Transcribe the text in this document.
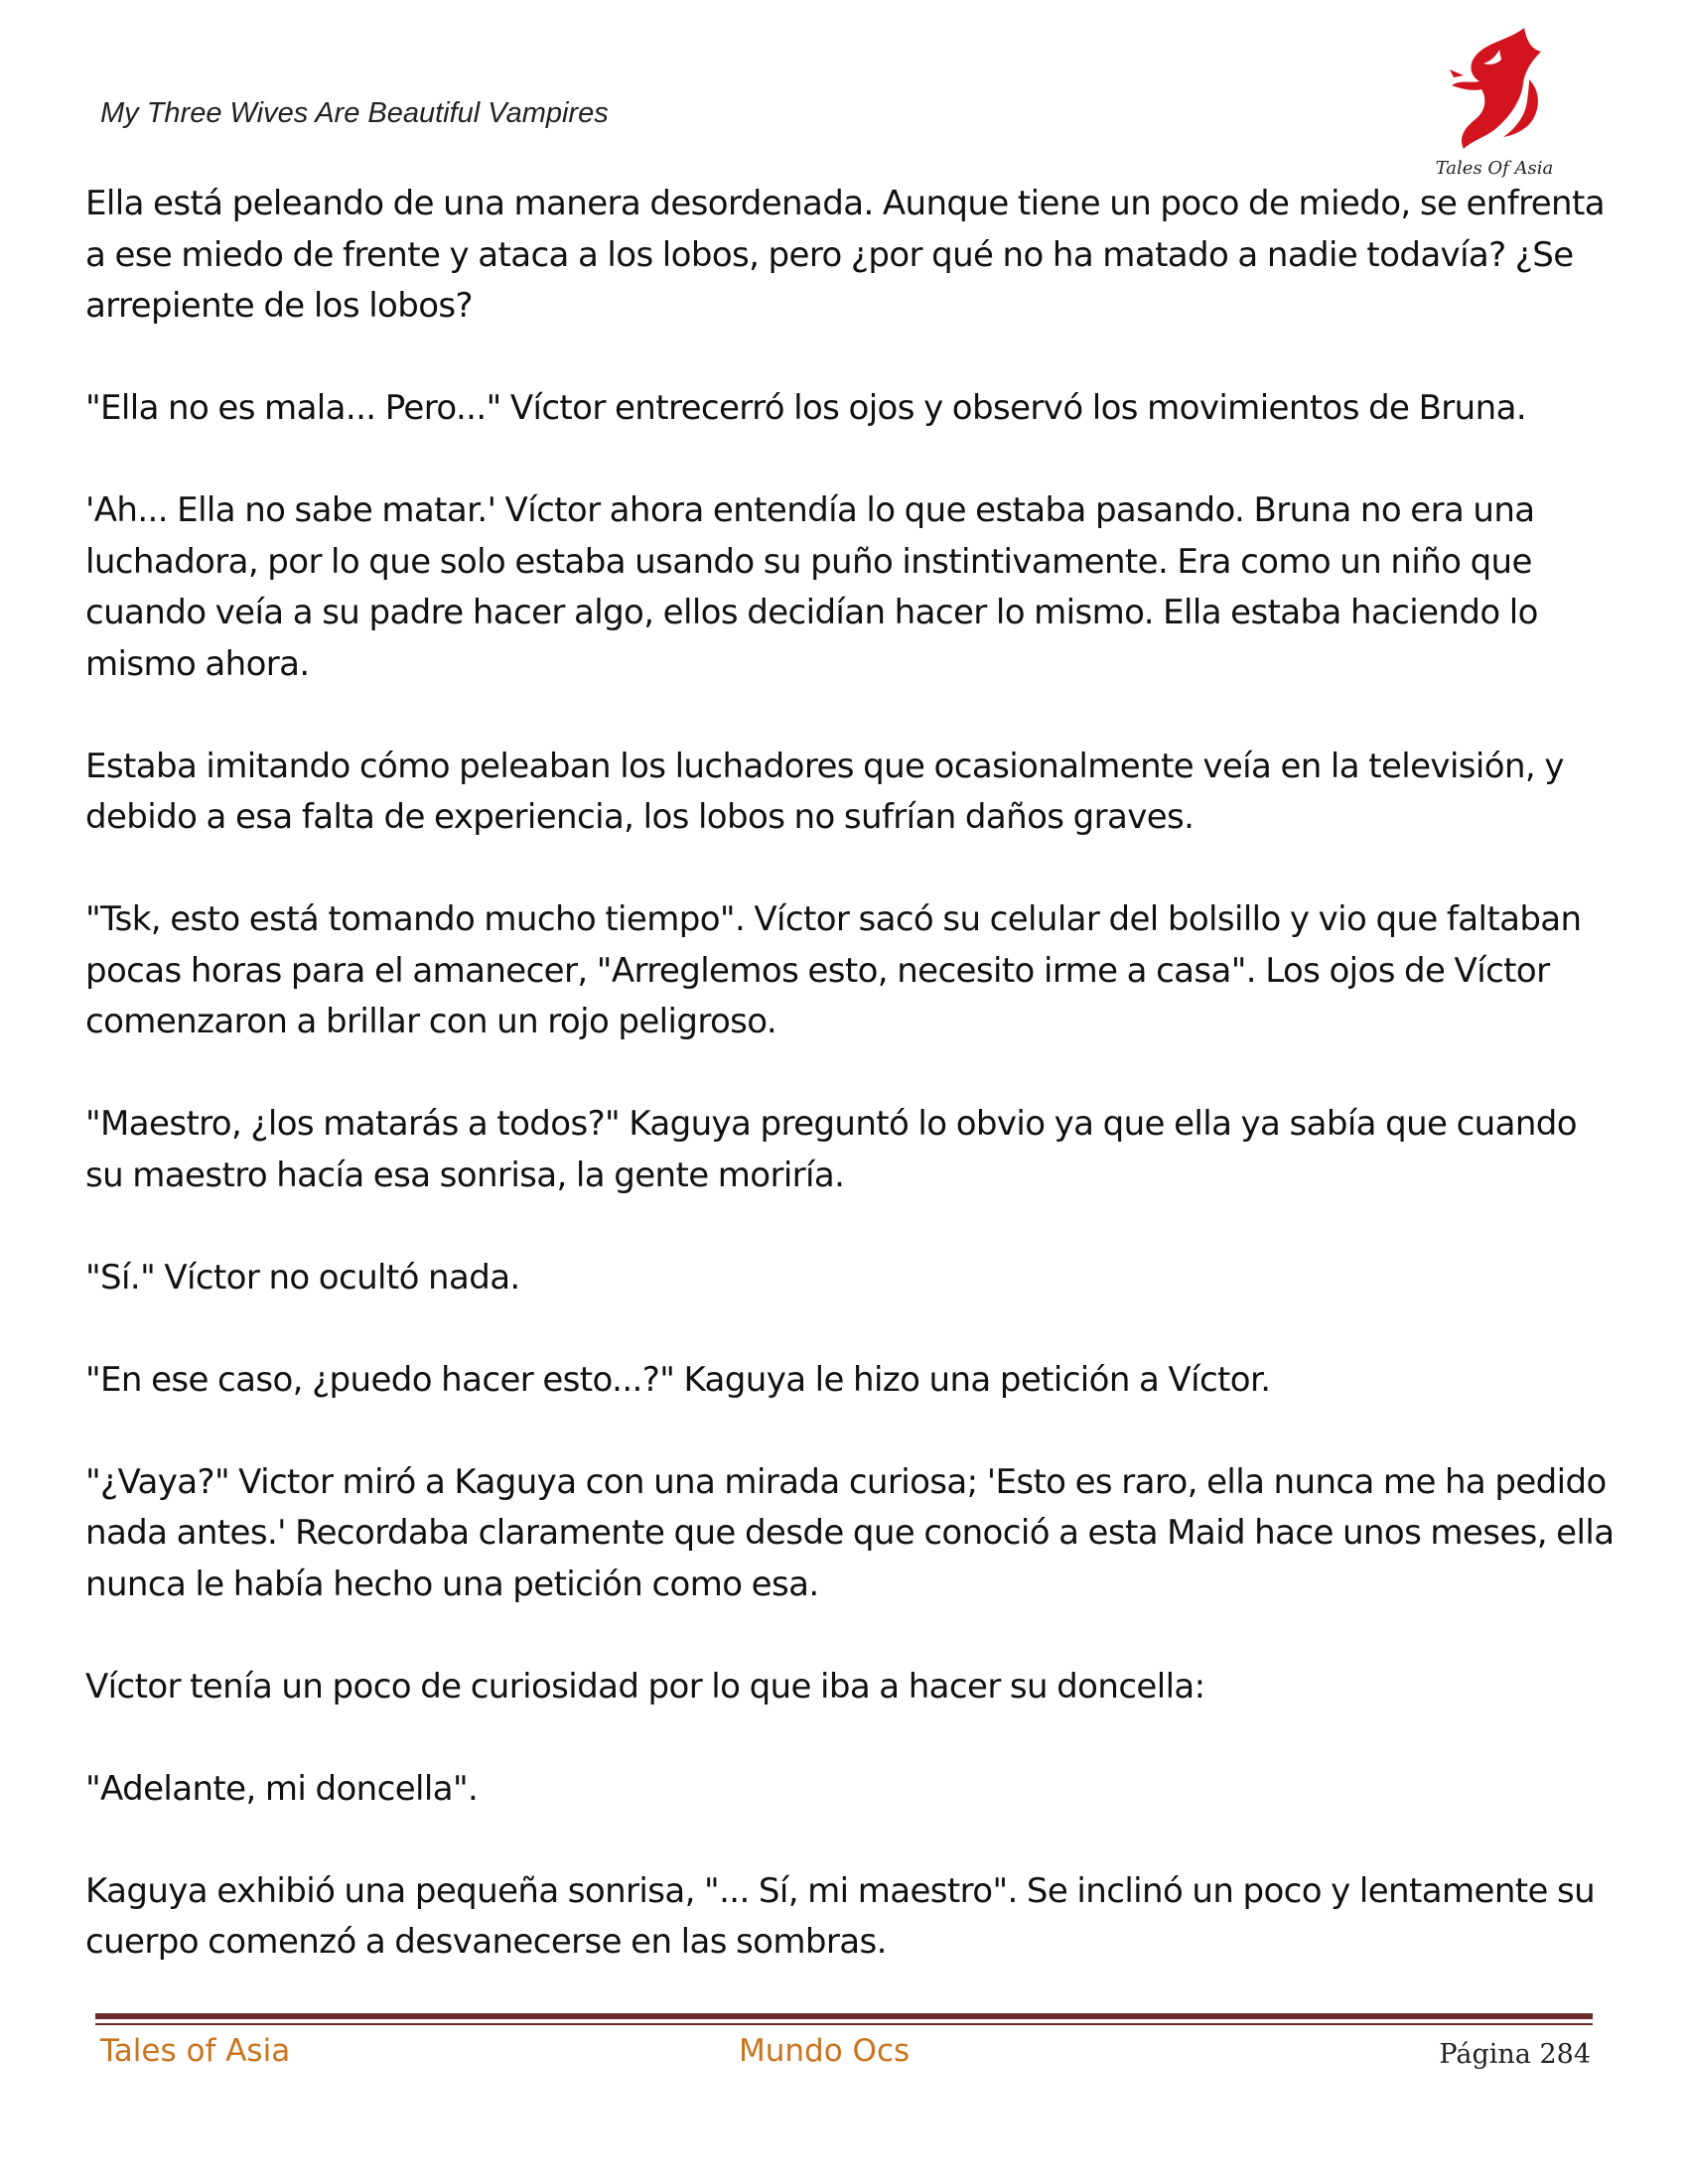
My Three Wives Are Beautiful Vampires
Tales Of Asia

Ella está peleando de una manera desordenada. Aunque tiene un poco de miedo, se enfrenta a ese miedo de frente y ataca a los lobos, pero ¿por qué no ha matado a nadie todavía? ¿Se arrepiente de los lobos?

"Ella no es mala... Pero..." Víctor entrecerró los ojos y observó los movimientos de Bruna.

'Ah... Ella no sabe matar.' Víctor ahora entendía lo que estaba pasando. Bruna no era una luchadora, por lo que solo estaba usando su puño instintivamente. Era como un niño que cuando veía a su padre hacer algo, ellos decidían hacer lo mismo. Ella estaba haciendo lo mismo ahora.

Estaba imitando cómo peleaban los luchadores que ocasionalmente veía en la televisión, y debido a esa falta de experiencia, los lobos no sufrían daños graves.

"Tsk, esto está tomando mucho tiempo". Víctor sacó su celular del bolsillo y vio que faltaban pocas horas para el amanecer, "Arreglemos esto, necesito irme a casa". Los ojos de Víctor comenzaron a brillar con un rojo peligroso.

"Maestro, ¿los matarás a todos?" Kaguya preguntó lo obvio ya que ella ya sabía que cuando su maestro hacía esa sonrisa, la gente moriría.

"Sí." Víctor no ocultó nada.

"En ese caso, ¿puedo hacer esto...?" Kaguya le hizo una petición a Víctor.

"¿Vaya?" Victor miró a Kaguya con una mirada curiosa; 'Esto es raro, ella nunca me ha pedido nada antes.' Recordaba claramente que desde que conoció a esta Maid hace unos meses, ella nunca le había hecho una petición como esa.

Víctor tenía un poco de curiosidad por lo que iba a hacer su doncella:

"Adelante, mi doncella".

Kaguya exhibió una pequeña sonrisa, "... Sí, mi maestro". Se inclinó un poco y lentamente su cuerpo comenzó a desvanecerse en las sombras.

Tales of Asia	Mundo Ocs	Página 284
